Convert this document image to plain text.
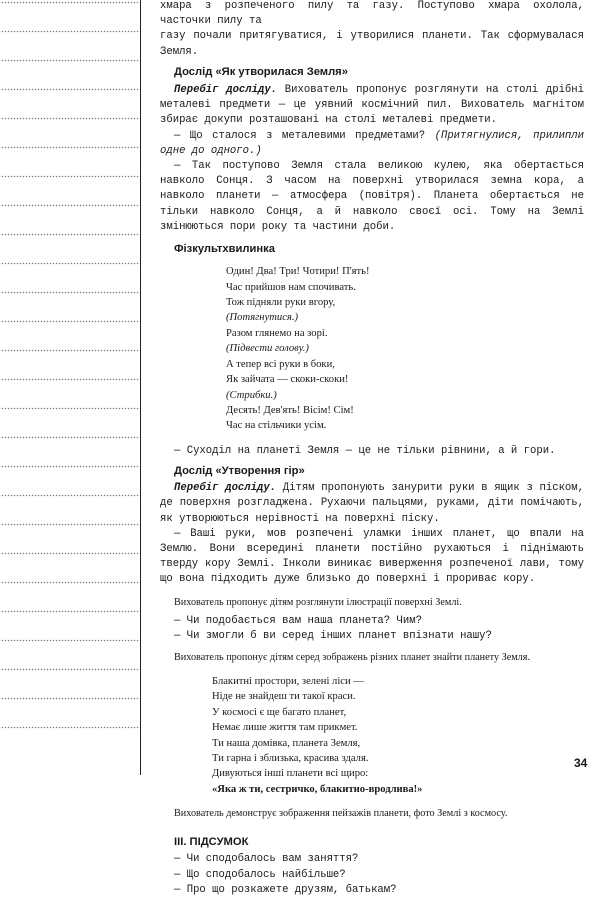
хмара з розпеченого пилу та газу. Поступово хмара охолола, часточки пилу та

газу почали притягуватися, і утворилися планети. Так сформувалася Земля.

Дослід «Як утворилася Земля»

Перебіг досліду. Вихователь пропонує розглянути на столі дрібні металеві предмети — це уявний космічний пил. Вихователь магнітом збирає докупи розташовані на столі металеві предмети.

— Що сталося з металевими предметами? (Притягнулися, прилипли одне до одного.)

— Так поступово Земля стала великою кулею, яка обертається навколо Сонця. З часом на поверхні утворилася земна кора, а навколо планети — атмосфера (повітря). Планета обертається не тільки навколо Сонця, а й навколо своєї осі. Тому на Землі змінюються пори року та частини доби.

Фізкультхвилинка

Один! Два! Три! Чотири! П'ять!
Час прийшов нам спочивать.
Тож підняли руки вгору,
(Потягнутися.)
Разом глянемо на зорі.
(Підвести голову.)
А тепер всі руки в боки,
Як зайчата — скоки-скоки!
(Стрибки.)
Десять! Дев'ять! Вісім! Сім!
Час на стільчики усім.

— Суходіл на планеті Земля — це не тільки рівнини, а й гори.

Дослід «Утворення гір»

Перебіг досліду. Дітям пропонують занурити руки в ящик з піском, де поверхня розгладжена. Рухаючи пальцями, руками, діти помічають, як утворюються нерівності на поверхні піску.

— Ваші руки, мов розпечені уламки інших планет, що впали на Землю. Вони всередині планети постійно рухаються і піднімають тверду кору Землі. Інколи виникає виверження розпеченої лави, тому що вона підходить дуже близько до поверхні і прориває кору.

Вихователь пропонує дітям розглянути ілюстрації поверхні Землі.

— Чи подобається вам наша планета? Чим?

— Чи змогли б ви серед інших планет впізнати нашу?

Вихователь пропонує дітям серед зображень різних планет знайти планету Земля.

Блакитні простори, зелені ліси —
Ніде не знайдеш ти такої краси.
У космосі є ще багато планет,
Немає лише життя там прикмет.
Ти наша домівка, планета Земля,
Ти гарна і зблизька, красива здаля.
Дивуються інші планети всі щиро:
«Яка ж ти, сестричко, блакитно-вродлива!»

Вихователь демонструє зображення пейзажів планети, фото Землі з космосу.

ІІІ. ПІДСУМОК

— Чи сподобалось вам заняття?

— Що сподобалось найбільше?

— Про що розкажете друзям, батькам?

34
